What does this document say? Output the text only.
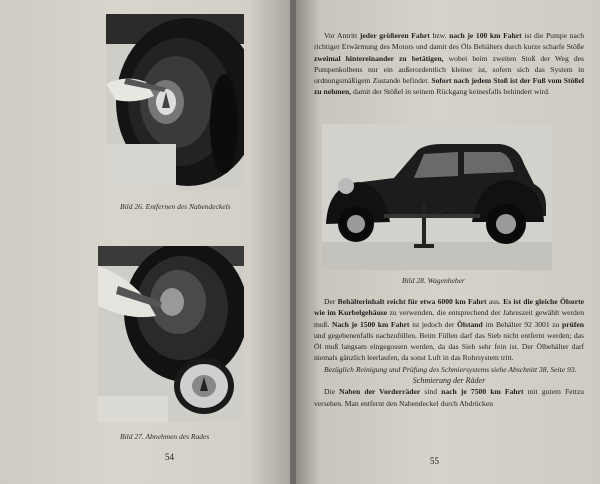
Bild 26. Entfernen des Nabendeckels
Bild 27. Abnehmen des Rades
54

Vor Antritt jeder größeren Fahrt bzw. nach je 100 km Fahrt ist die Pumpe nach richtiger Erwärmung des Motors und damit des Öls Behälters durch kurze scharfe Stöße zweimal hintereinander zu betätigen, wobei beim zweiten Stoß der Weg des Pumpenkolbens nur ein außerordentlich kleiner ist, sofern sich das System in ordnungsmäßigem Zustande befindet. Sofort nach jedem Stoß ist der Fuß vom Stößel zu nehmen, damit der Stößel in seinem Rückgang keinesfalls behindert wird.

Bild 28. Wagenheber

Der Behälterinhalt reicht für etwa 6000 km Fahrt aus. Es ist die gleiche Ölsorte wie im Kurbelgehäuse zu verwenden, die entsprechend der Jahreszeit gewählt werden muß. Nach je 1500 km Fahrt ist jedoch der Ölstand im Behälter 92 3001 zu prüfen und gegebenenfalls nachzufüllen. Beim Füllen darf das Sieb nicht entfernt werden; das Öl muß langsam eingegossen werden, da das Sieb sehr fein ist. Der Ölbehälter darf niemals gänzlich leerlaufen, da sonst Luft in das Rohrsystem tritt.

Bezüglich Reinigung und Prüfung des Schmiersystems siehe Abschnitt 38, Seite 93.

Schmierung der Räder

Die Naben der Vorderräder sind nach je 7500 km Fahrt mit gutem Fettzu versehen. Man entfernt den Nabendeckel durch Abdrücken

55
